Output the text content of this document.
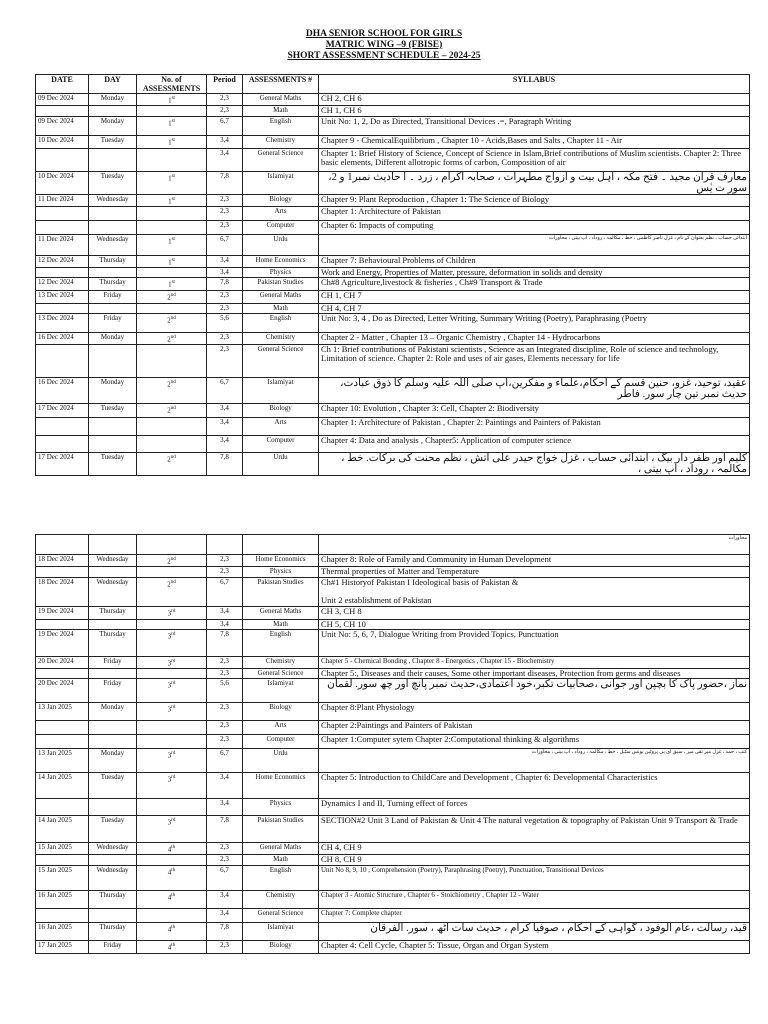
DHA SENIOR SCHOOL FOR GIRLS
MATRIC WING –9 (FBISE)
SHORT ASSESSMENT SCHEDULE – 2024-25
DATE	DAY	No. of ASSESSMENTS	Period	ASSESSMENTS #	SYLLABUS
09 Dec 2024	Monday	1st	2,3	General Maths	CH 2, CH 6
			2,3	Math	CH 1, CH 6
09 Dec 2024	Monday	1st	6,7	English	Unit No: 1, 2, Do as Directed, Transitional Devices .=, Paragraph Writing
10 Dec 2024	Tuesday	1st	3,4	Chemistry	Chapter 9 - ChemicalEquilibrium , Chapter 10 - Acids,Bases and Salts , Chapter 11 - Air
			3,4	General Science	Chapter 1: Brief History of Science, Concept of Science in Islam,Brief contributions of Muslim scientists. Chapter 2: Three basic elements, Different allotropic forms of carbon, Composition of air
10 Dec 2024	Tuesday	1st	7,8	Islamiyat	معارف قرآن مجید ۔ فتح مکہ ، اہل بیت و ازواج مطہرات ، صحابہ اکرام ، زرد ۔ ا حادیث نمبر1 و 2، سور ت یٰس
11 Dec 2024	Wednesday	1st	2,3	Biology	Chapter 9: Plant Reproduction , Chapter 1: The Science of Biology
			2,3	Arts	Chapter 1: Architecture of Pakistan
			2,3	Computer	Chapter 6: Impacts of computing
11 Dec 2024	Wednesday	1st	6,7	Urdu	ابتدائی حساب ، نظم بعنوان کے نام ، غزل ناصر کاظمی ، خط ، مکالمہ ، روداد ، آپ بیتی ، محاورات
12 Dec 2024	Thursday	1st	3,4	Home Economics	Chapter 7: Behavioural Problems of Children
			3,4	Physics	Work and Energy, Properties of Matter, pressure, deformation in solids and density
12 Dec 2024	Thursday	1st	7,8	Pakistan Studies	Ch#8 Agriculture,livestock & fisheries , Ch#9 Transport & Trade
13 Dec 2024	Friday	2nd	2,3	General Maths	CH 1, CH 7
			2,3	Math	CH 4, CH 7
13 Dec 2024	Friday	2nd	5,6	English	Unit No: 3, 4 , Do as Directed, Letter Writing, Summary Writing (Poetry), Paraphrasing (Poetry
16 Dec 2024	Monday	2nd	2,3	Chemistry	Chapter 2 - Matter , Chapter 13 – Organic Chemistry , Chapter 14 - Hydrocarbons
			2,3	General Science	Ch 1: Brief contributions of Pakistani scientists , Science as an Integrated discipline, Role of science and technology, Limitation of science. Chapter 2: Role and uses of air gases, Elements necessary for life
16 Dec 2024	Monday	2nd	6,7	Islamiyat	عقید، توحید، غزو، حنین قسم کے احکام،علماء و مفکرین،آپ صلی اللہ علیہ وسلم کا ذوق عبادت، حدیث نمبر تین چار سور. فاطر
17 Dec 2024	Tuesday	2nd	3,4	Biology	Chapter 10: Evolution , Chapter 3: Cell, Chapter 2: Biodiversity
			3,4	Arts	Chapter 1: Architecture of Pakistan , Chapter 2: Paintings and Painters of Pakistan
			3,4	Computer	Chapter 4: Data and analysis , Chapter5: Application of computer science
17 Dec 2024	Tuesday	2nd	7,8	Urdu	کلیم اور ظفر دار بیگ ، ابتدائی حساب ، غزل خواج حیدر علی آتش ، نظم محنت کی برکات. خط ، مکالمہ ، روداد ، آپ بیتی ،
					محاورات
18 Dec 2024	Wednesday	2nd	2,3	Home Economics	Chapter 8: Role of Family and Community in Human Development
			2,3	Physics	Thermal properties of Matter and Temperature
18 Dec 2024	Wednesday	2nd	6,7	Pakistan Studies	Ch#1 Historyof Pakistan I Ideological basis of Pakistan &

Unit 2 establishment of Pakistan
19 Dec 2024	Thursday	3rd	3,4	General Maths	CH 3, CH 8
			3,4	Math	CH 5, CH 10
19 Dec 2024	Thursday	3rd	7,8	English	Unit No: 5, 6, 7, Dialogue Writing from Provided Topics, Punctuation
20 Dec 2024	Friday	3rd	2,3	Chemistry	Chapter 5 - Chemical Bonding , Chapter 8 - Energetics , Chapter 15 - Biochemistry
			2,3	General Science	Chapter 5:, Diseases and their causes, Some other important diseases, Protection from germs and diseases
20 Dec 2024	Friday	3rd	5,6	Islamiyat	نماز ،حضور پاک کا بچپن اور جوانی ،صحابیات تکبر،خود اعتمادی،حدیث نمبر پانچ اور چھ سور. لقمان
13 Jan 2025	Monday	3rd	2,3	Biology	Chapter 8:Plant Physiology
			2,3	Arts	Chapter 2:Paintings and Painters of Pakistan
			2,3	Computer	Chapter 1:Computer sytem Chapter 2:Computational thinking & algorithms
13 Jan 2025	Monday	3rd	6,7	Urdu	کتب ، حمد ، غزل میر تقی میر ، سبق ای بی پروٹین یونس سٹیل ، خط ، مکالمہ ، روداد ، آپ بیتی ، محاورات
14 Jan 2025	Tuesday	3rd	3,4	Home Economics	Chapter 5: Introduction to ChildCare and Development , Chapter 6: Developmental Characteristics
			3,4	Physics	Dynamics I and II, Turning effect of forces
14 Jan 2025	Tuesday	3rd	7,8	Pakistan Studies	SECTION#2 Unit 3 Land of Pakistan & Unit 4 The natural vegetation & topography of Pakistan Unit 9 Transport & Trade
15 Jan 2025	Wednesday	4th	2,3	General Maths	CH 4, CH 9
			2,3	Math	CH 8, CH 9
15 Jan 2025	Wednesday	4th	6,7	English	Unit No 8, 9, 10 , Comprehension (Poetry), Paraphrasing (Poetry), Punctuation, Transitional Devices
16 Jan 2025	Thursday	4th	3,4	Chemistry	Chapter 3 - Atomic Structure , Chapter 6 - Stoichiometry , Chapter 12 - Water
			3,4	General Science	Chapter 7: Complete chapter
16 Jan 2025	Thursday	4th	7,8	Islamiyat	قید، رسالت ،عام الوفود ، گواہی کے احکام ، صوفیا کرام ، حدیث سات آٹھ ، سور. الفرقان
17 Jan 2025	Friday	4th	2,3	Biology	Chapter 4: Cell Cycle, Chapter 5: Tissue, Organ and Organ System
